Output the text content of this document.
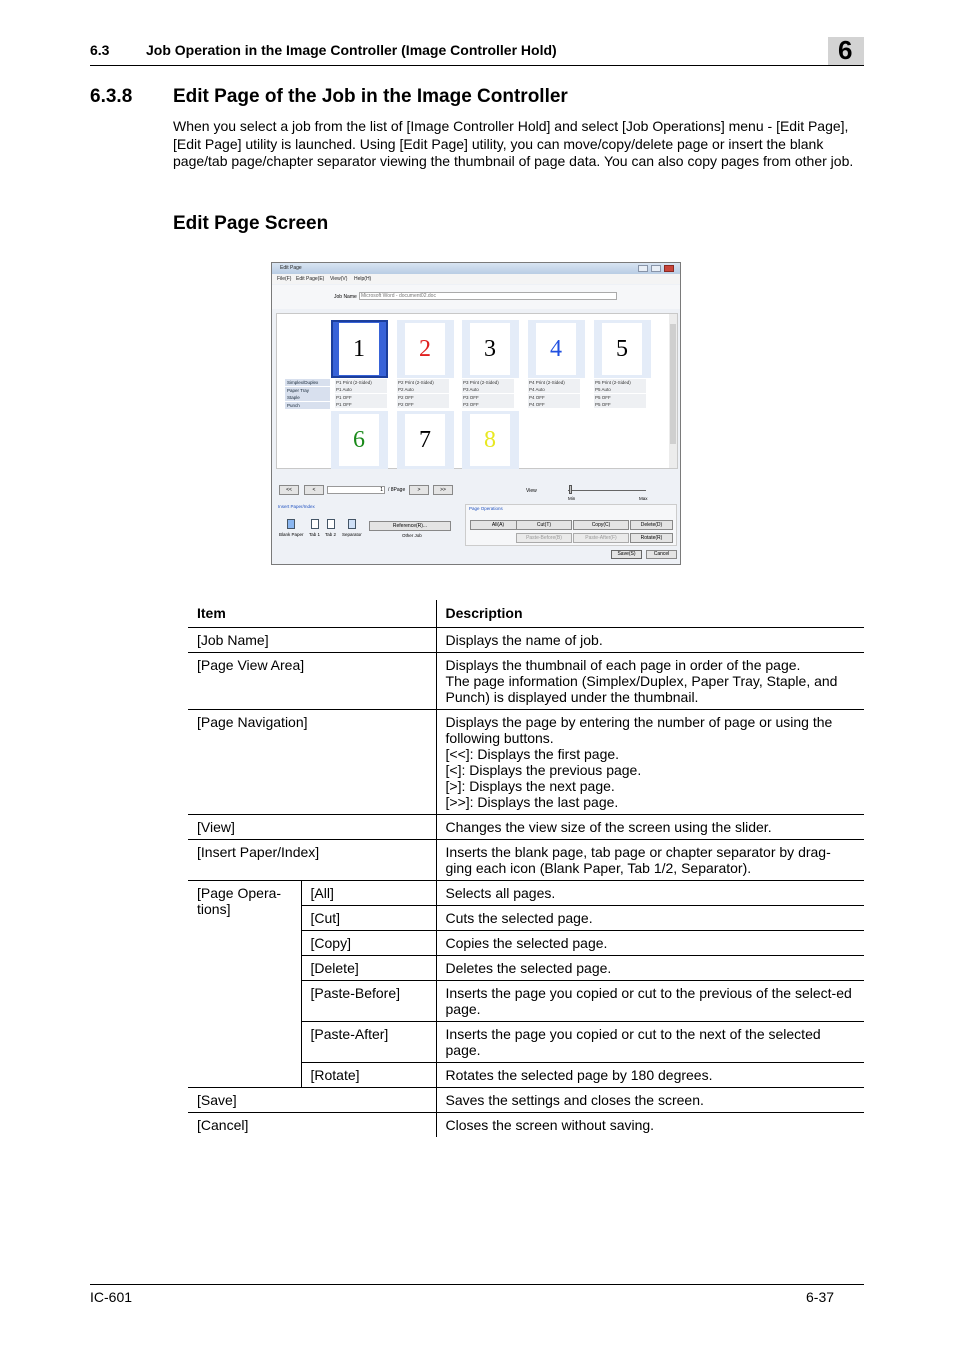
6.3	Job Operation in the Image Controller (Image Controller Hold)	6
6.3.8 Edit Page of the Job in the Image Controller

When you select a job from the list of [Image Controller Hold] and select [Job Operations] menu - [Edit Page], [Edit Page] utility is launched. Using [Edit Page] utility, you can move/copy/delete page or insert the blank page/tab page/chapter separator viewing the thumbnail of page data. You can also copy pages from other job.

Edit Page Screen
Edit Page
File(F) Edit Page(E) View(V) Help(H)
Job Name Microsoft Word - document02.doc
1	2	3	4	5
Simplex/Duplex
Paper Tray
Staple
Punch
P1 Print (2-Sided)
P1 Auto
P1 OFF
P1 OFF
P2 Print (2-Sided)
P2 Auto
P2 OFF
P2 OFF
P3 Print (2-Sided)
P3 Auto
P3 OFF
P3 OFF
P4 Print (2-Sided)
P4 Auto
P4 OFF
P4 OFF
P5 Print (2-Sided)
P5 Auto
P5 OFF
P5 OFF
6	7	8
<<	<	1	/ 8Page	>	>>	View
Min	Max
Insert Paper/Index
Blank Paper Tab 1 Tab 2 Separator
Reference(R)...
Other Job
Page Operations
All(A)	Cut(T)	Copy(C)	Delete(D)
Paste-Before(B)	Paste-After(F)	Rotate(R)
Save(S)	Cancel
Item		Description
[Job Name]		Displays the name of job.
[Page View Area]		Displays the thumbnail of each page in order of the page.
The page information (Simplex/Duplex, Paper Tray, Staple, and Punch) is displayed under the thumbnail.

[Page Navigation]		Displays the page by entering the number of page or using the following buttons.
[<<]: Displays the first page.
[<]: Displays the previous page.
[>]: Displays the next page.
[>>]: Displays the last page.

[View]		Changes the view size of the screen using the slider.
[Insert Paper/Index]		Inserts the blank page, tab page or chapter separator by drag-ging each icon (Blank Paper, Tab 1/2, Separator).
[Page Opera-tions]	[All]	Selects all pages.
	[Cut]	Cuts the selected page.
	[Copy]	Copies the selected page.
	[Delete]	Deletes the selected page.
	[Paste-Before]	Inserts the page you copied or cut to the previous of the select-ed page.
	[Paste-After]	Inserts the page you copied or cut to the next of the selected page.
	[Rotate]	Rotates the selected page by 180 degrees.
[Save]		Saves the settings and closes the screen.
[Cancel]		Closes the screen without saving.
IC-601	6-37
